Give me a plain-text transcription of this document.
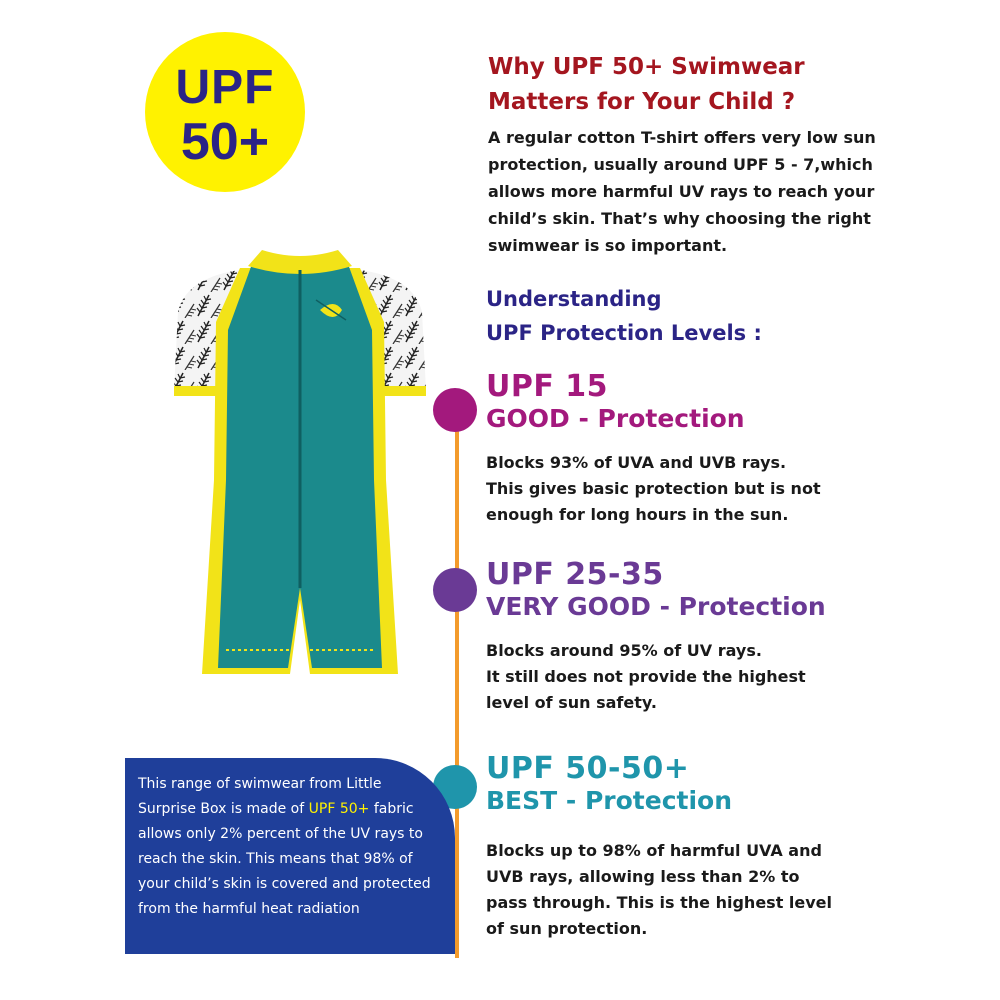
UPF
50+
Why UPF 50+ Swimwear
Matters for Your Child ?

A regular cotton T-shirt offers very low sun protection, usually around UPF 5 - 7,which allows more harmful UV rays to reach your child’s skin. That’s why choosing the right swimwear is so important.

Understanding
UPF Protection Levels :
UPF 15
GOOD - Protection

Blocks 93% of UVA and UVB rays.
This gives basic protection but is not
enough for long hours in the sun.

UPF 25-35
VERY GOOD - Protection

Blocks around 95% of UV rays.
It still does not provide the highest
level of sun safety.

UPF 50-50+
BEST - Protection

Blocks up to 98% of harmful UVA and
UVB rays, allowing less than 2% to
pass through. This is the highest level
of sun protection.

This range of swimwear from Little Surprise Box is made of UPF 50+ fabric allows only 2% percent of the UV rays to reach the skin. This means that 98% of your child’s skin is covered and protected from the harmful heat radiation
